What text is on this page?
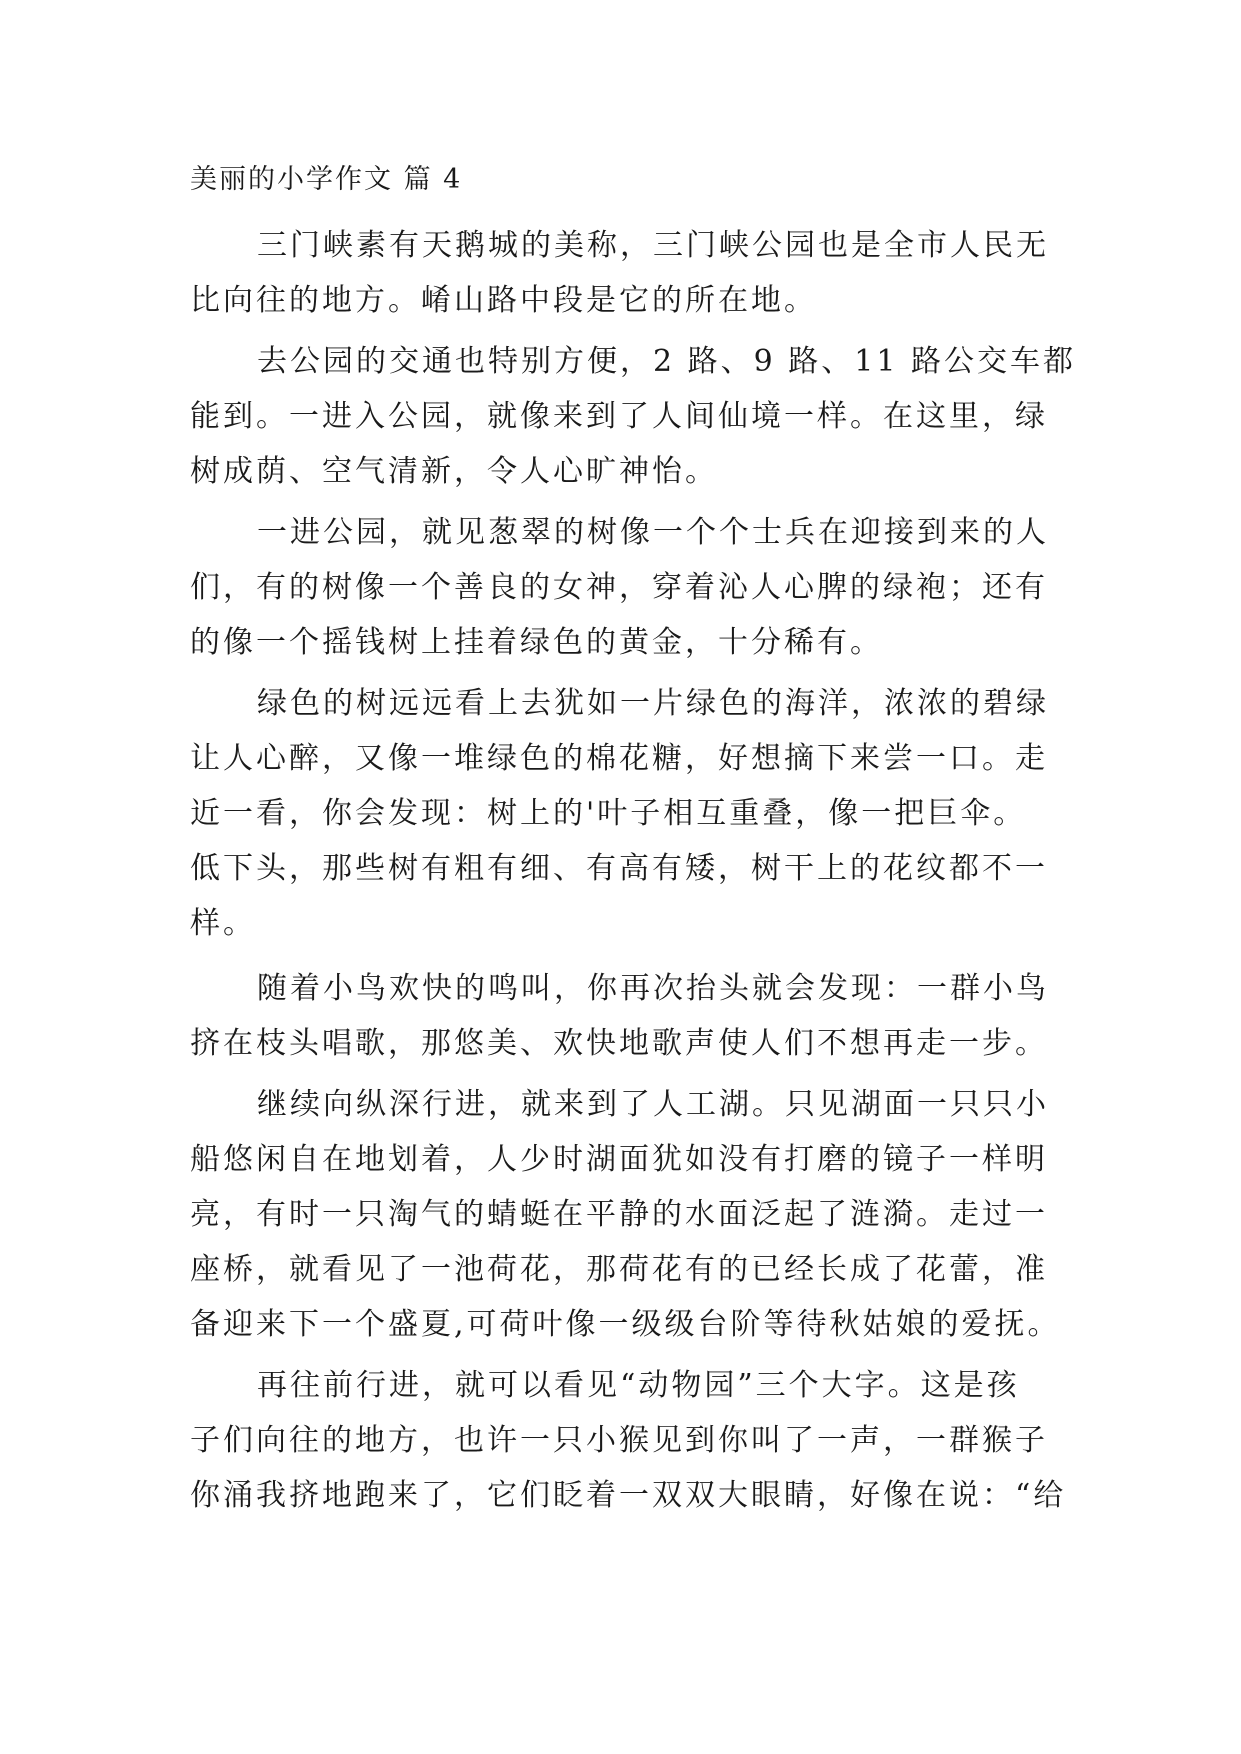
美丽的小学作文 篇 4
三门峡素有天鹅城的美称，三门峡公园也是全市人民无
比向往的地方。崤山路中段是它的所在地。
去公园的交通也特别方便，2 路、9 路、11 路公交车都
能到。一进入公园，就像来到了人间仙境一样。在这里，绿
树成荫、空气清新，令人心旷神怡。
一进公园，就见葱翠的树像一个个士兵在迎接到来的人
们，有的树像一个善良的女神，穿着沁人心脾的绿袍；还有
的像一个摇钱树上挂着绿色的黄金，十分稀有。
绿色的树远远看上去犹如一片绿色的海洋，浓浓的碧绿
让人心醉，又像一堆绿色的棉花糖，好想摘下来尝一口。走
近一看，你会发现：树上的'叶子相互重叠，像一把巨伞。
低下头，那些树有粗有细、有高有矮，树干上的花纹都不一
样。
随着小鸟欢快的鸣叫，你再次抬头就会发现：一群小鸟
挤在枝头唱歌，那悠美、欢快地歌声使人们不想再走一步。
继续向纵深行进，就来到了人工湖。只见湖面一只只小
船悠闲自在地划着，人少时湖面犹如没有打磨的镜子一样明
亮，有时一只淘气的蜻蜓在平静的水面泛起了涟漪。走过一
座桥，就看见了一池荷花，那荷花有的已经长成了花蕾，准
备迎来下一个盛夏,可荷叶像一级级台阶等待秋姑娘的爱抚。
再往前行进，就可以看见“动物园”三个大字。这是孩
子们向往的地方，也许一只小猴见到你叫了一声，一群猴子
你涌我挤地跑来了，它们眨着一双双大眼睛，好像在说：“给
